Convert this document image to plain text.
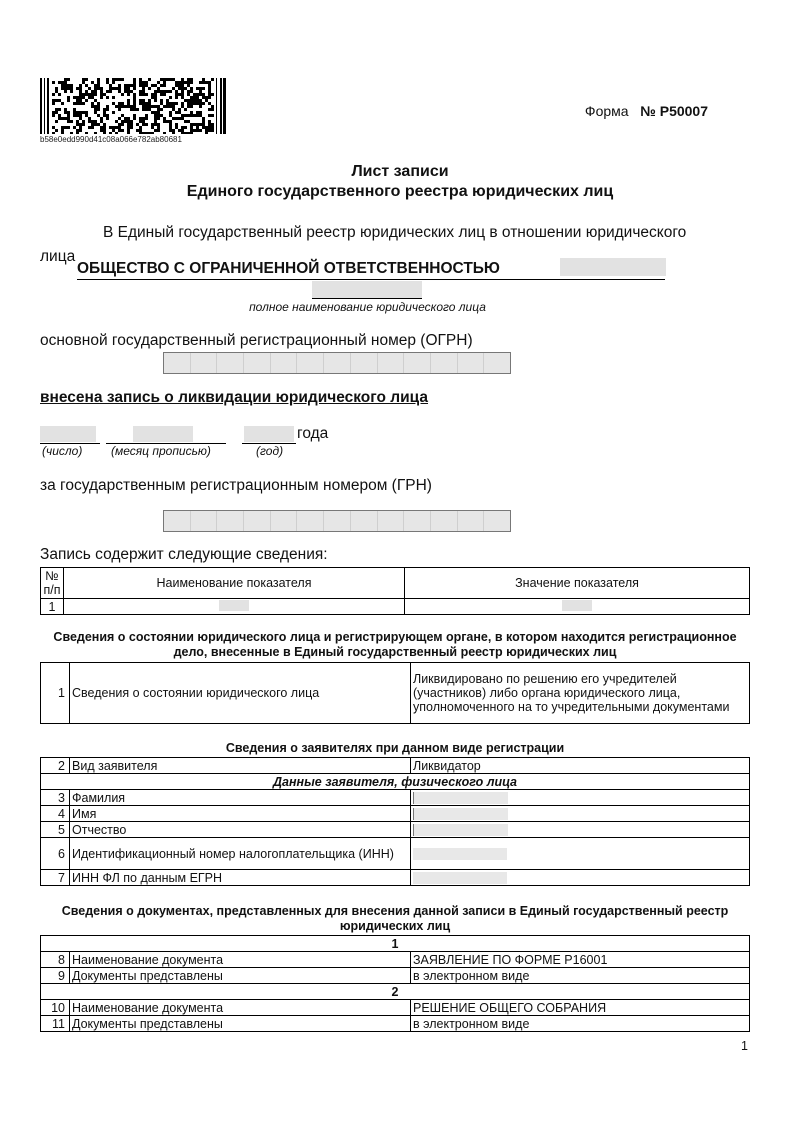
b58e0edd990d41c08a066e782ab80681
Форма № Р50007
Лист записи
Единого государственного реестра юридических лиц
В Единый государственный реестр юридических лиц в отношении юридического
лица
ОБЩЕСТВО С ОГРАНИЧЕННОЙ ОТВЕТСТВЕННОСТЬЮ
полное наименование юридического лица
основной государственный регистрационный номер (ОГРН)
внесена запись о ликвидации юридического лица
года
(число) (месяц прописью)	(год)
за государственным регистрационным номером (ГРН)
Запись содержит следующие сведения:
№ п/п	Наименование показателя	Значение показателя
1		
Сведения о состоянии юридического лица и регистрирующем органе, в котором находится регистрационное дело, внесенные в Единый государственный реестр юридических лиц
1	Сведения о состоянии юридического лица	Ликвидировано по решению его учредителей (участников) либо органа юридического лица, уполномоченного на то учредительными документами
Сведения о заявителях при данном виде регистрации
2	Вид заявителя	Ликвидатор
Данные заявителя, физического лица		
3	Фамилия	
4	Имя	
5	Отчество	
6	Идентификационный номер налогоплательщика (ИНН)	
7	ИНН ФЛ по данным ЕГРН	
Сведения о документах, представленных для внесения данной записи в Единый государственный реестр юридических лиц
1		
8	Наименование документа	ЗАЯВЛЕНИЕ ПО ФОРМЕ Р16001
9	Документы представлены	в электронном виде
2		
10	Наименование документа	РЕШЕНИЕ ОБЩЕГО СОБРАНИЯ
11	Документы представлены	в электронном виде
1
